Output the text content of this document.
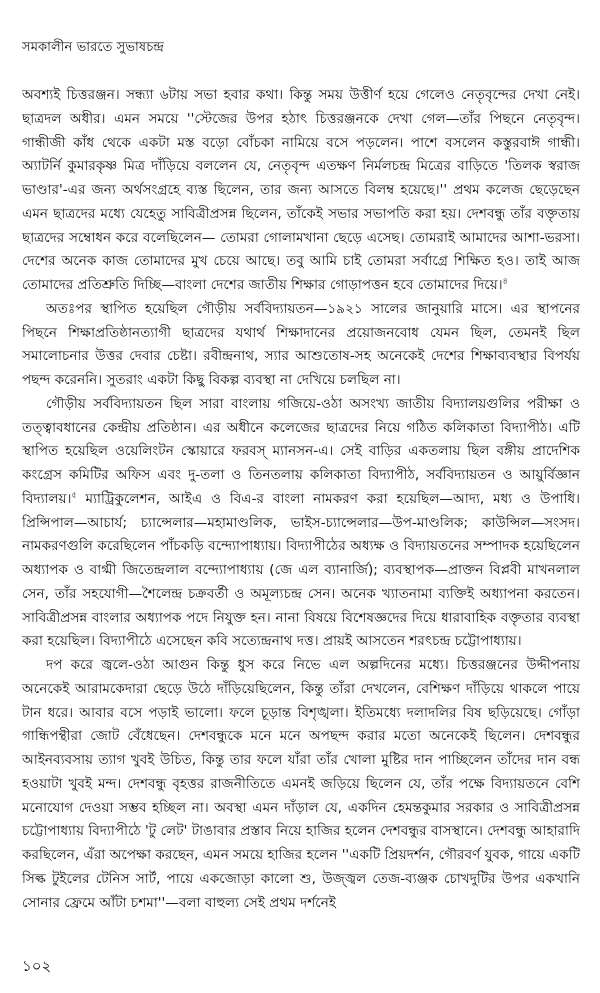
সমকালীন ভারতে সুভাষচন্দ্র

অবশ্যই চিত্তরঞ্জন। সন্ধ্যা ৬টায় সভা হবার কথা। কিন্তু সময় উত্তীর্ণ হয়ে গেলেও নেতৃবৃন্দের দেখা নেই। ছাত্রদল অধীর। এমন সময়ে ''স্টেজের উপর হঠাৎ চিত্তরঞ্জনকে দেখা গেল—তাঁর পিছনে নেতৃবৃন্দ। গান্ধীজী কাঁধ থেকে একটা মস্ত বড়ো বোঁচকা নামিয়ে বসে পড়লেন। পাশে বসলেন কস্তুরবাঈ গান্ধী। অ্যাটর্নি কুমারকৃষ্ণ মিত্র দাঁড়িয়ে বললেন যে, নেতৃবৃন্দ এতক্ষণ নির্মলচন্দ্র মিত্রের বাড়িতে 'তিলক স্বরাজ ভাণ্ডার'-এর জন্য অর্থসংগ্রহে ব্যস্ত ছিলেন, তার জন্য আসতে বিলম্ব হয়েছে।'' প্রথম কলেজ ছেড়েছেন এমন ছাত্রদের মধ্যে যেহেতু সাবিত্রীপ্রসন্ন ছিলেন, তাঁকেই সভার সভাপতি করা হয়। দেশবন্ধু তাঁর বক্তৃতায় ছাত্রদের সম্বোধন করে বলেছিলেন— তোমরা গোলামখানা ছেড়ে এসেছ। তোমরাই আমাদের আশা-ভরসা। দেশের অনেক কাজ তোমাদের মুখ চেয়ে আছে। তবু আমি চাই তোমরা সর্বাগ্রে শিক্ষিত হও। তাই আজ তোমাদের প্রতিশ্রুতি দিচ্ছি—বাংলা দেশের জাতীয় শিক্ষার গোড়াপত্তন হবে তোমাদের দিয়ে।$^৪$

অতঃপর স্থাপিত হয়েছিল গৌড়ীয় সর্ববিদ্যায়তন—১৯২১ সালের জানুয়ারি মাসে। এর স্থাপনের পিছনে শিক্ষাপ্রতিষ্ঠানত্যাগী ছাত্রদের যথার্থ শিক্ষাদানের প্রয়োজনবোধ যেমন ছিল, তেমনই ছিল সমালোচনার উত্তর দেবার চেষ্টা। রবীন্দ্রনাথ, স্যার আশুতোষ-সহ অনেকেই দেশের শিক্ষাব্যবস্থার বিপর্যয় পছন্দ করেননি। সুতরাং একটা কিছু বিকল্প ব্যবস্থা না দেখিয়ে চলছিল না।

গৌড়ীয় সর্ববিদ্যায়তন ছিল সারা বাংলায় গজিয়ে-ওঠা অসংখ্য জাতীয় বিদ্যালয়গুলির পরীক্ষা ও তত্ত্বাবধানের কেন্দ্রীয় প্রতিষ্ঠান। এর অধীনে কলেজের ছাত্রদের নিয়ে গঠিত কলিকাতা বিদ্যাপীঠ। এটি স্থাপিত হয়েছিল ওয়েলিংটন স্কোয়ারে ফরবস্ ম্যানসন-এ। সেই বাড়ির একতলায় ছিল বঙ্গীয় প্রাদেশিক কংগ্রেস কমিটির অফিস এবং দু-তলা ও তিনতলায় কলিকাতা বিদ্যাপীঠ, সর্ববিদ্যায়তন ও আয়ুর্বিজ্ঞান বিদ্যালয়।$^৫$ ম্যাট্রিকুলেশন, আইএ ও বিএ-র বাংলা নামকরণ করা হয়েছিল—আদ্য, মধ্য ও উপাধি। প্রিন্সিপাল—আচার্য; চ্যান্সেলার—মহামাণ্ডলিক, ভাইস-চ্যান্সেলার—উপ-মাণ্ডলিক; কাউন্সিল—সংসদ। নামকরণগুলি করেছিলেন পাঁচকড়ি বন্দ্যোপাধ্যায়। বিদ্যাপীঠের অধ্যক্ষ ও বিদ্যায়তনের সম্পাদক হয়েছিলেন অধ্যাপক ও বাগ্মী জিতেন্দ্রলাল বন্দ্যোপাধ্যায় (জে এল ব্যানার্জি); ব্যবস্থাপক—প্রাক্তন বিপ্লবী মাখনলাল সেন, তাঁর সহযোগী—শৈলেন্দ্র চক্রবর্তী ও অমূল্যচন্দ্র সেন। অনেক খ্যাতনামা ব্যক্তিই অধ্যাপনা করতেন। সাবিত্রীপ্রসন্ন বাংলার অধ্যাপক পদে নিযুক্ত হন। নানা বিষয়ে বিশেষজ্ঞদের দিয়ে ধারাবাহিক বক্তৃতার ব্যবস্থা করা হয়েছিল। বিদ্যাপীঠে এসেছেন কবি সত্যেন্দ্রনাথ দত্ত। প্রায়ই আসতেন শরৎচন্দ্র চট্টোপাধ্যায়।

দপ করে জ্বলে-ওঠা আগুন কিন্তু ধুস করে নিভে এল অল্পদিনের মধ্যে। চিত্তরঞ্জনের উদ্দীপনায় অনেকেই আরামকেদারা ছেড়ে উঠে দাঁড়িয়েছিলেন, কিন্তু তাঁরা দেখলেন, বেশিক্ষণ দাঁড়িয়ে থাকলে পায়ে টান ধরে। আবার বসে পড়াই ভালো। ফলে চূড়ান্ত বিশৃঙ্খলা। ইতিমধ্যে দলাদলির বিষ ছড়িয়েছে। গোঁড়া গান্ধিপন্থীরা জোট বেঁধেছেন। দেশবন্ধুকে মনে মনে অপছন্দ করার মতো অনেকেই ছিলেন। দেশবন্ধুর আইনব্যবসায় ত্যাগ খুবই উচিত, কিন্তু তার ফলে যাঁরা তাঁর খোলা মুষ্টির দান পাচ্ছিলেন তাঁদের দান বন্ধ হওয়াটা খুবই মন্দ। দেশবন্ধু বৃহত্তর রাজনীতিতে এমনই জড়িয়ে ছিলেন যে, তাঁর পক্ষে বিদ্যায়তনে বেশি মনোযোগ দেওয়া সম্ভব হচ্ছিল না। অবস্থা এমন দাঁড়াল যে, একদিন হেমন্তকুমার সরকার ও সাবিত্রীপ্রসন্ন চট্টোপাধ্যায় বিদ্যাপীঠে 'টু লেট' টাঙাবার প্রস্তাব নিয়ে হাজির হলেন দেশবন্ধুর বাসস্থানে। দেশবন্ধু আহারাদি করছিলেন, এঁরা অপেক্ষা করছেন, এমন সময়ে হাজির হলেন ''একটি প্রিয়দর্শন, গৌরবর্ণ যুবক, গায়ে একটি সিল্ক টুইলের টেনিস সার্ট, পায়ে একজোড়া কালো শু, উজ্জ্বল তেজ-ব্যঞ্জক চোখদুটির উপর একখানি সোনার ফ্রেমে আঁটা চশমা''—বলা বাহুল্য সেই প্রথম দর্শনেই

১০২
